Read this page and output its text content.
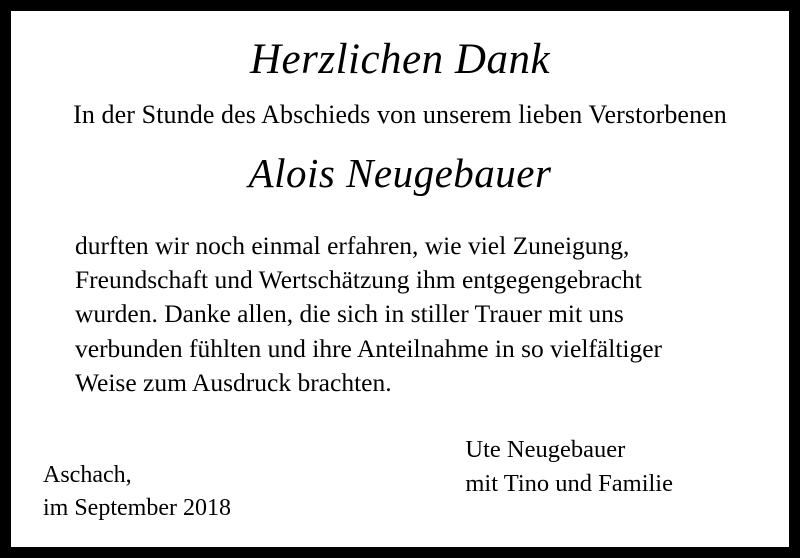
Herzlichen Dank
In der Stunde des Abschieds von unserem lieben Verstorbenen
Alois Neugebauer

durften wir noch einmal erfahren, wie viel Zuneigung,

Freundschaft und Wertschätzung ihm entgegengebracht

wurden. Danke allen, die sich in stiller Trauer mit uns

verbunden fühlten und ihre Anteilnahme in so vielfältiger

Weise zum Ausdruck brachten.

Aschach,
im September 2018
Ute Neugebauer
mit Tino und Familie
